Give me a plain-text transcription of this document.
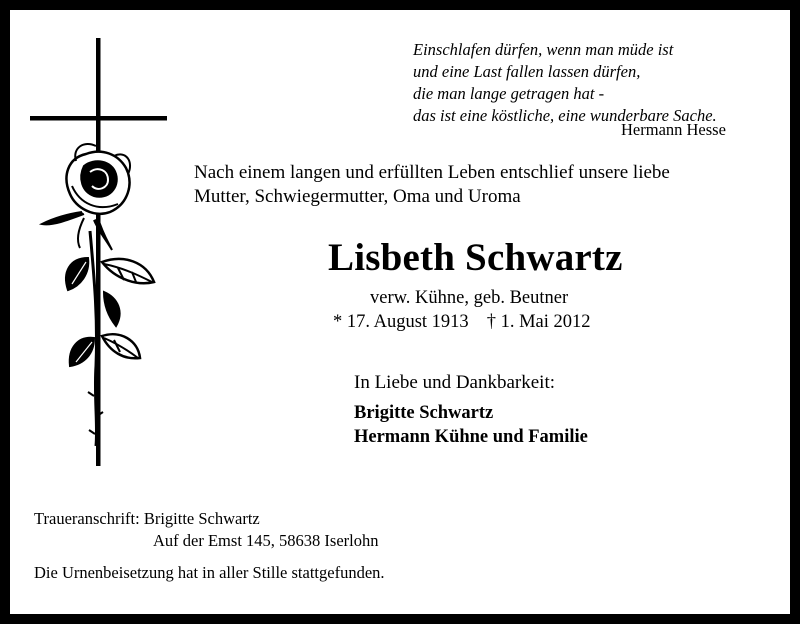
Einschlafen dürfen, wenn man müde ist
und eine Last fallen lassen dürfen,
die man lange getragen hat -
das ist eine köstliche, eine wunderbare Sache.
Hermann Hesse
Nach einem langen und erfüllten Leben entschlief unsere liebe
Mutter, Schwiegermutter, Oma und Uroma
Lisbeth Schwartz
verw. Kühne, geb. Beutner
* 17. August 1913 † 1. Mai 2012
In Liebe und Dankbarkeit:
Brigitte Schwartz
Hermann Kühne und Familie
Traueranschrift: Brigitte Schwartz
Auf der Emst 145, 58638 Iserlohn
Die Urnenbeisetzung hat in aller Stille stattgefunden.
